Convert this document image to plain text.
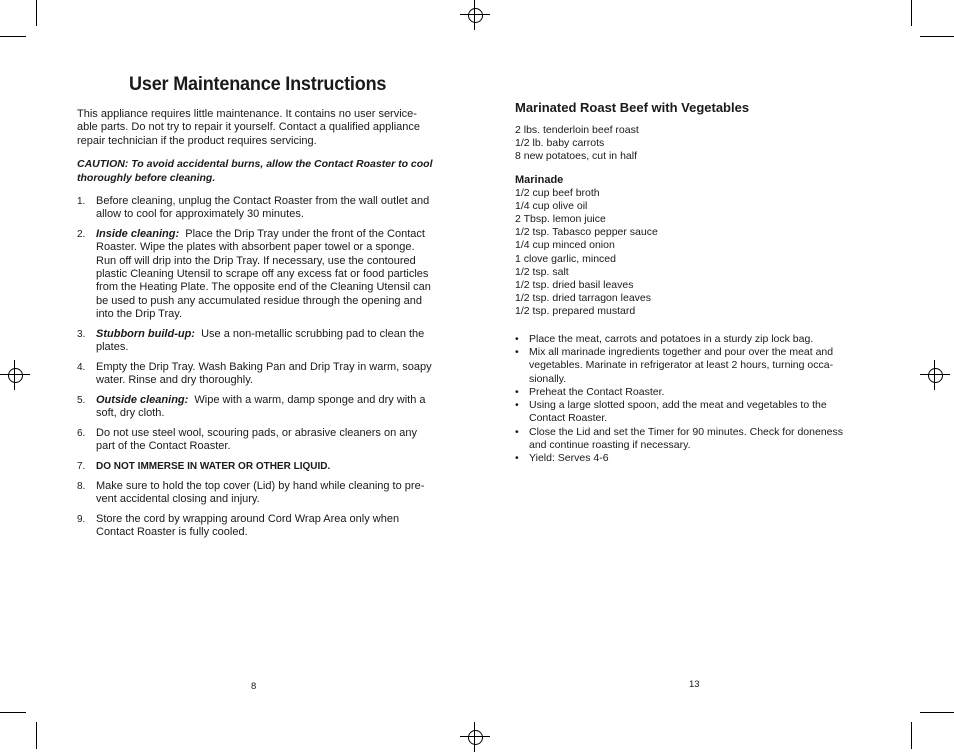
User Maintenance Instructions

This appliance requires little maintenance. It contains no user service-able parts. Do not try to repair it yourself. Contact a qualified appliance repair technician if the product requires servicing.

CAUTION: To avoid accidental burns, allow the Contact Roaster to cool thoroughly before cleaning.

1. Before cleaning, unplug the Contact Roaster from the wall outlet and allow to cool for approximately 30 minutes.
2. Inside cleaning: Place the Drip Tray under the front of the Contact Roaster. Wipe the plates with absorbent paper towel or a sponge. Run off will drip into the Drip Tray. If necessary, use the contoured plastic Cleaning Utensil to scrape off any excess fat or food particles from the Heating Plate. The opposite end of the Cleaning Utensil can be used to push any accumulated residue through the opening and into the Drip Tray.
3. Stubborn build-up: Use a non-metallic scrubbing pad to clean the plates.
4. Empty the Drip Tray. Wash Baking Pan and Drip Tray in warm, soapy water. Rinse and dry thoroughly.
5. Outside cleaning: Wipe with a warm, damp sponge and dry with a soft, dry cloth.
6. Do not use steel wool, scouring pads, or abrasive cleaners on any part of the Contact Roaster.
7. DO NOT IMMERSE IN WATER OR OTHER LIQUID.
8. Make sure to hold the top cover (Lid) by hand while cleaning to pre-vent accidental closing and injury.
9. Store the cord by wrapping around Cord Wrap Area only when Contact Roaster is fully cooled.
8
Marinated Roast Beef with Vegetables
2 lbs. tenderloin beef roast
1/2 lb. baby carrots
8 new potatoes, cut in half
Marinade
1/2 cup beef broth
1/4 cup olive oil
2 Tbsp. lemon juice
1/2 tsp. Tabasco pepper sauce
1/4 cup minced onion
1 clove garlic, minced
1/2 tsp. salt
1/2 tsp. dried basil leaves
1/2 tsp. dried tarragon leaves
1/2 tsp. prepared mustard
• Place the meat, carrots and potatoes in a sturdy zip lock bag.
• Mix all marinade ingredients together and pour over the meat and vegetables. Marinate in refrigerator at least 2 hours, turning occa-sionally.
• Preheat the Contact Roaster.
• Using a large slotted spoon, add the meat and vegetables to the Contact Roaster.
• Close the Lid and set the Timer for 90 minutes. Check for doneness and continue roasting if necessary.
• Yield: Serves 4-6
13
